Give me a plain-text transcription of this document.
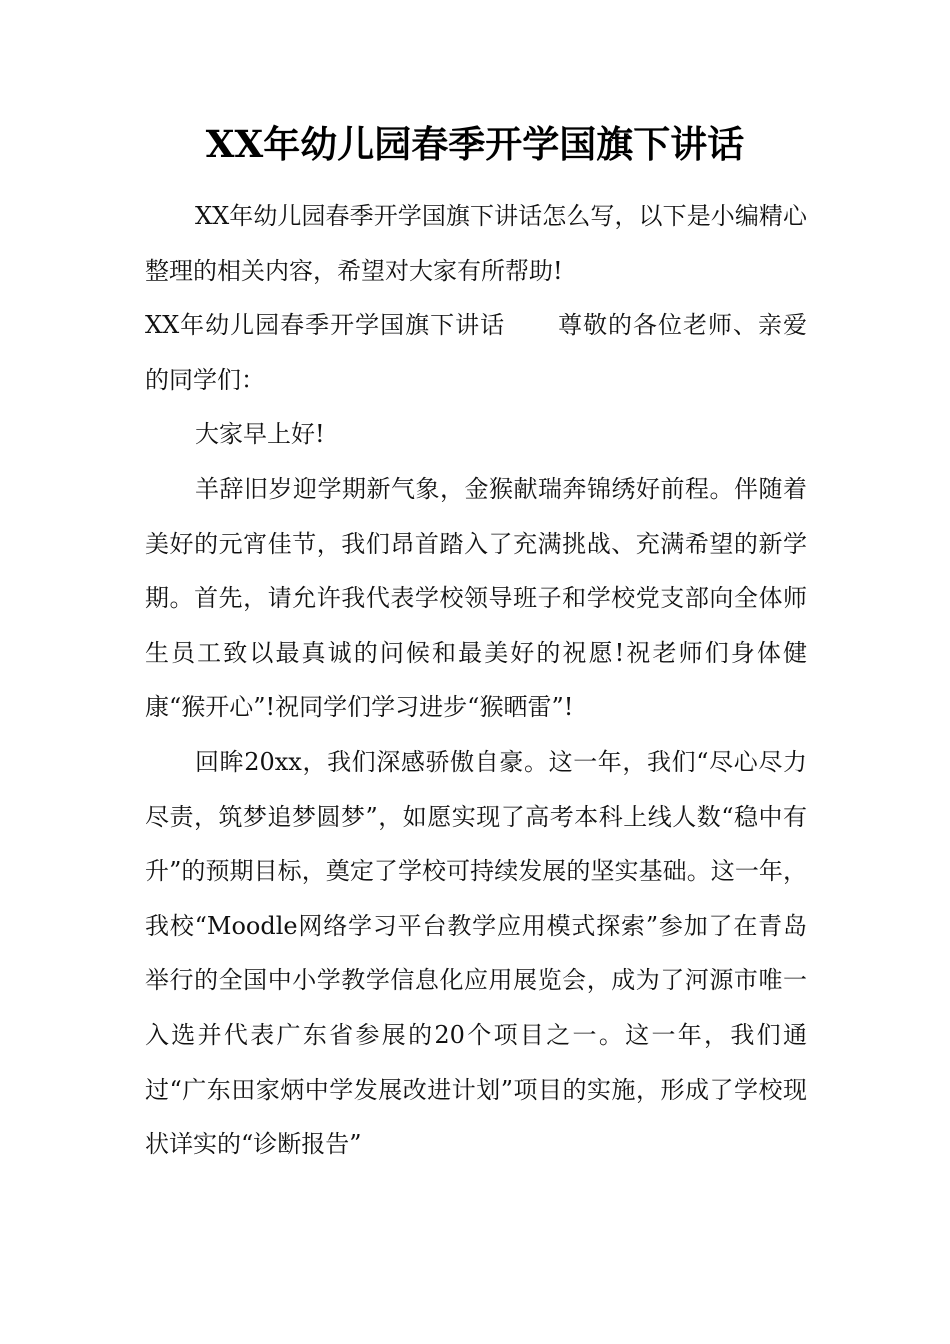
XX年幼儿园春季开学国旗下讲话

XX年幼儿园春季开学国旗下讲话怎么写，以下是小编精心整理的相关内容，希望对大家有所帮助!

XX年幼儿园春季开学国旗下讲话 尊敬的各位老师、亲爱的同学们：

大家早上好!

羊辞旧岁迎学期新气象，金猴献瑞奔锦绣好前程。伴随着美好的元宵佳节，我们昂首踏入了充满挑战、充满希望的新学期。首先，请允许我代表学校领导班子和学校党支部向全体师生员工致以最真诚的问候和最美好的祝愿!祝老师们身体健康“猴开心”!祝同学们学习进步“猴晒雷”!

回眸20xx，我们深感骄傲自豪。这一年，我们“尽心尽力尽责，筑梦追梦圆梦”，如愿实现了高考本科上线人数“稳中有升”的预期目标，奠定了学校可持续发展的坚实基础。这一年，我校“Moodle网络学习平台教学应用模式探索”参加了在青岛举行的全国中小学教学信息化应用展览会，成为了河源市唯一入选并代表广东省参展的20个项目之一。这一年，我们通过“广东田家炳中学发展改进计划”项目的实施，形成了学校现状详实的“诊断报告”
